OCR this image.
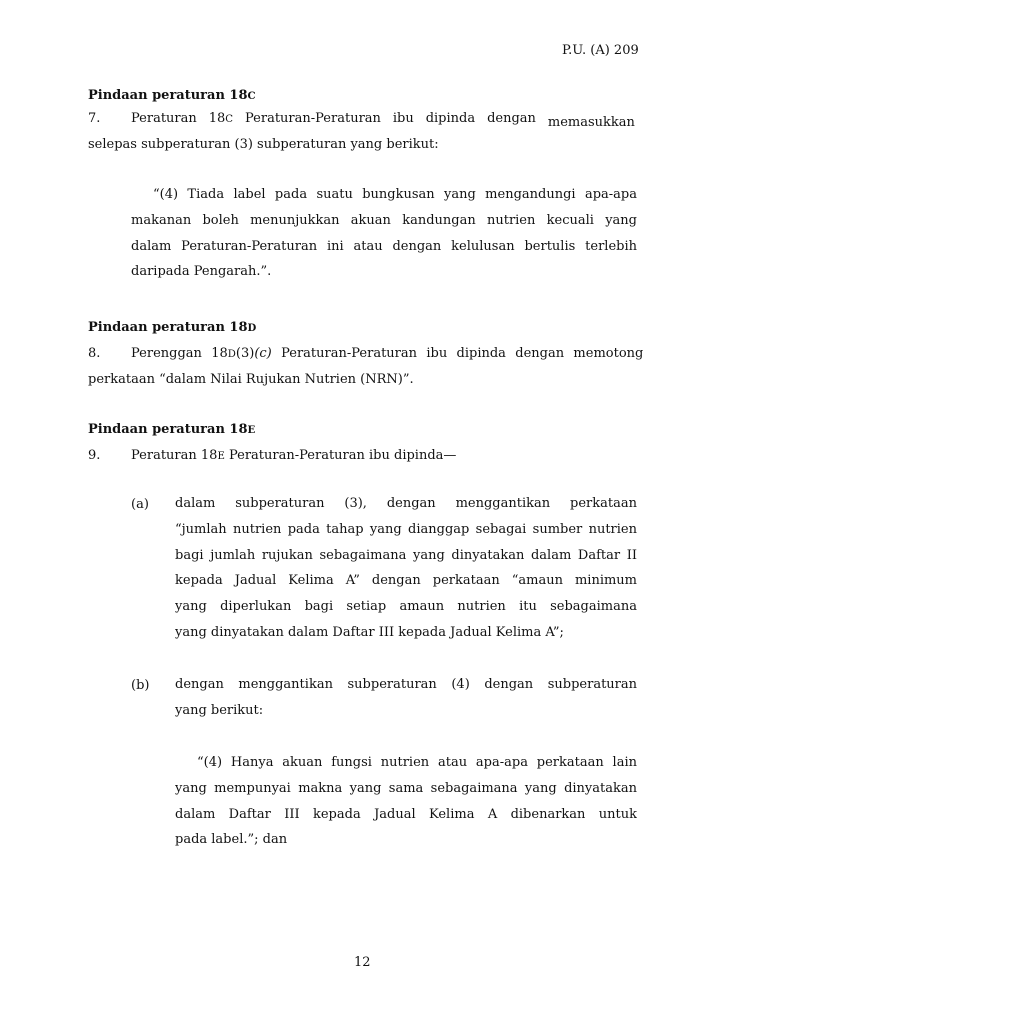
P.U. (A) 209
Pindaan peraturan 18C
7. Peraturan 18C Peraturan-Peraturan ibu dipinda dengan memasukkan
selepas subperaturan (3) subperaturan yang berikut:
“(4) Tiada label pada suatu bungkusan yang mengandungi apa-apa
makanan boleh menunjukkan akuan kandungan nutrien kecuali yang
dalam Peraturan-Peraturan ini atau dengan kelulusan bertulis terlebih
daripada Pengarah.”.
Pindaan peraturan 18D
8. Perenggan 18D(3)(c) Peraturan-Peraturan ibu dipinda dengan memotong
perkataan “dalam Nilai Rujukan Nutrien (NRN)”.
Pindaan peraturan 18E
9. Peraturan 18E Peraturan-Peraturan ibu dipinda—
(a) dalam subperaturan (3), dengan menggantikan perkataan
“jumlah nutrien pada tahap yang dianggap sebagai sumber nutrien
bagi jumlah rujukan sebagaimana yang dinyatakan dalam Daftar II
kepada Jadual Kelima A” dengan perkataan “amaun minimum
yang diperlukan bagi setiap amaun nutrien itu sebagaimana
yang dinyatakan dalam Daftar III kepada Jadual Kelima A”;
(b) dengan menggantikan subperaturan (4) dengan subperaturan
yang berikut:
“(4) Hanya akuan fungsi nutrien atau apa-apa perkataan lain
yang mempunyai makna yang sama sebagaimana yang dinyatakan
dalam Daftar III kepada Jadual Kelima A dibenarkan untuk
pada label.”; dan
12
